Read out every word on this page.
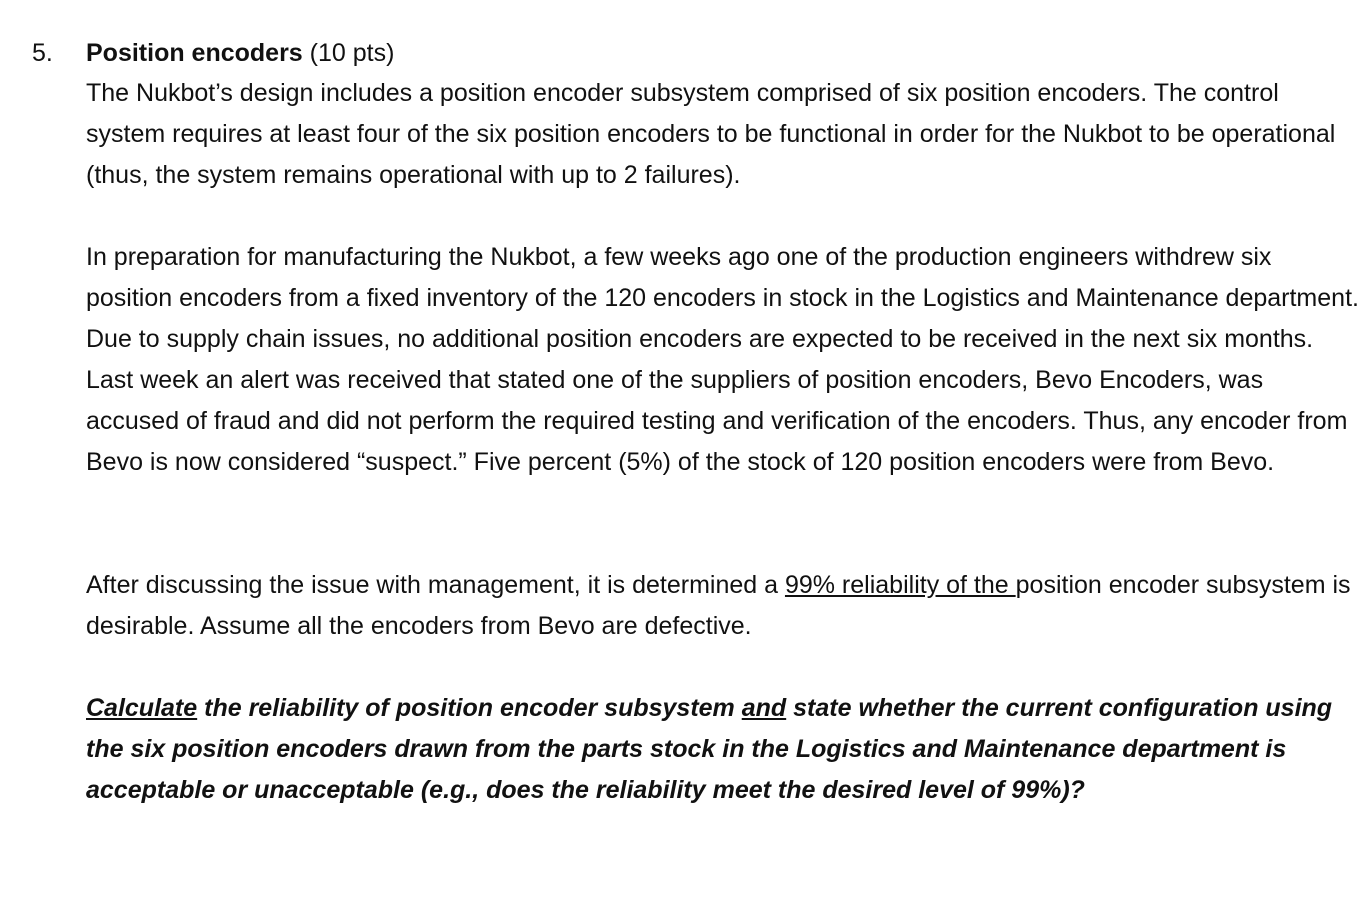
5. Position encoders (10 pts)

The Nukbot’s design includes a position encoder subsystem comprised of six position encoders. The control system requires at least four of the six position encoders to be functional in order for the Nukbot to be operational (thus, the system remains operational with up to 2 failures).

In preparation for manufacturing the Nukbot, a few weeks ago one of the production engineers withdrew six position encoders from a fixed inventory of the 120 encoders in stock in the Logistics and Maintenance department. Due to supply chain issues, no additional position encoders are expected to be received in the next six months. Last week an alert was received that stated one of the suppliers of position encoders, Bevo Encoders, was accused of fraud and did not perform the required testing and verification of the encoders. Thus, any encoder from Bevo is now considered “suspect.” Five percent (5%) of the stock of 120 position encoders were from Bevo.

After discussing the issue with management, it is determined a 99% reliability of the position encoder subsystem is desirable. Assume all the encoders from Bevo are defective.

Calculate the reliability of position encoder subsystem and state whether the current configuration using the six position encoders drawn from the parts stock in the Logistics and Maintenance department is acceptable or unacceptable (e.g., does the reliability meet the desired level of 99%)?
